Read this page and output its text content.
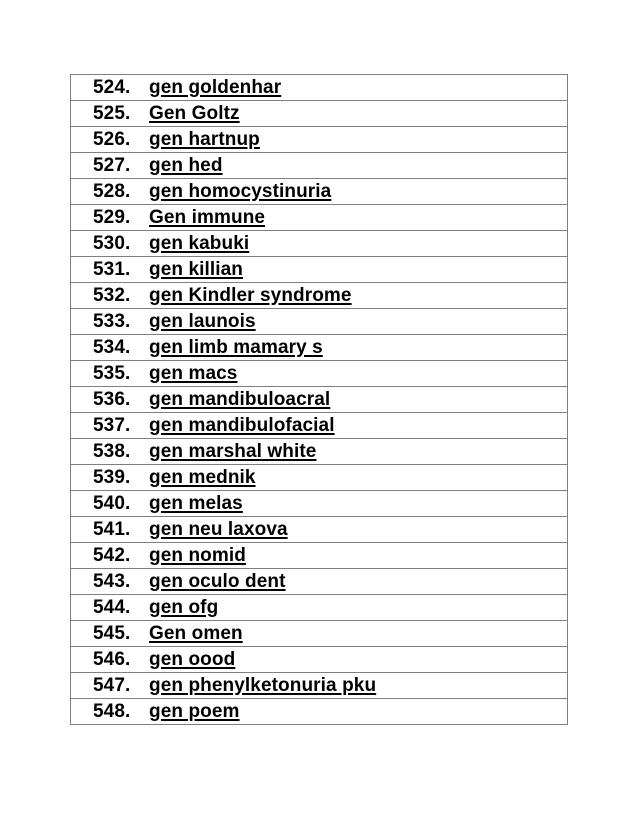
524. gen goldenhar

525. Gen Goltz

526. gen hartnup

527. gen hed

528. gen homocystinuria

529. Gen immune

530. gen kabuki

531. gen killian

532. gen Kindler syndrome

533. gen launois

534. gen limb mamary s

535. gen macs

536. gen mandibuloacral

537. gen mandibulofacial

538. gen marshal white

539. gen mednik

540. gen melas

541. gen neu laxova

542. gen nomid

543. gen oculo dent

544. gen ofg

545. Gen omen

546. gen oood

547. gen phenylketonuria pku

548. gen poem
